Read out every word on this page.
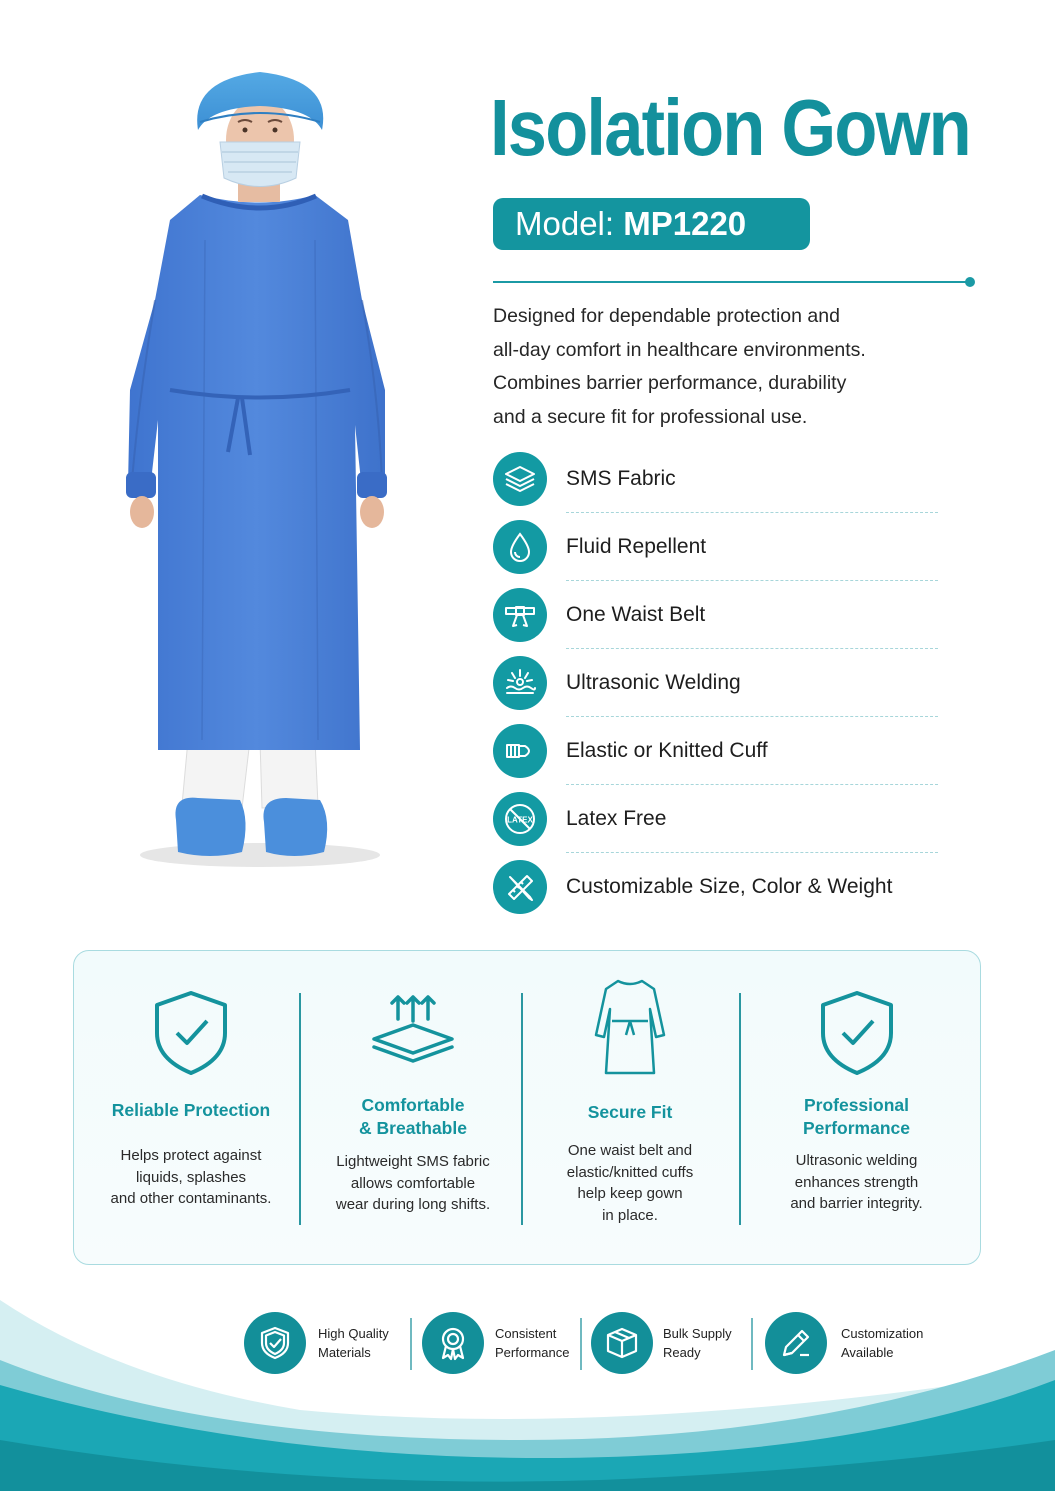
Isolation Gown
Model: MP1220

Designed for dependable protection and

all-day comfort in healthcare environments.

Combines barrier performance, durability

and a secure fit for professional use.

SMS Fabric
Fluid Repellent
One Waist Belt
Ultrasonic Welding
Elastic or Knitted Cuff
LATEX Latex Free
Customizable Size, Color & Weight
Reliable Protection
Helps protect against
liquids, splashes
and other contaminants.
Comfortable
& Breathable
Lightweight SMS fabric
allows comfortable
wear during long shifts.
Secure Fit
One waist belt and
elastic/knitted cuffs
help keep gown
in place.
Professional
Performance
Ultrasonic welding
enhances strength
and barrier integrity.
High Quality
Materials
Consistent
Performance
Bulk Supply
Ready
Customization
Available
